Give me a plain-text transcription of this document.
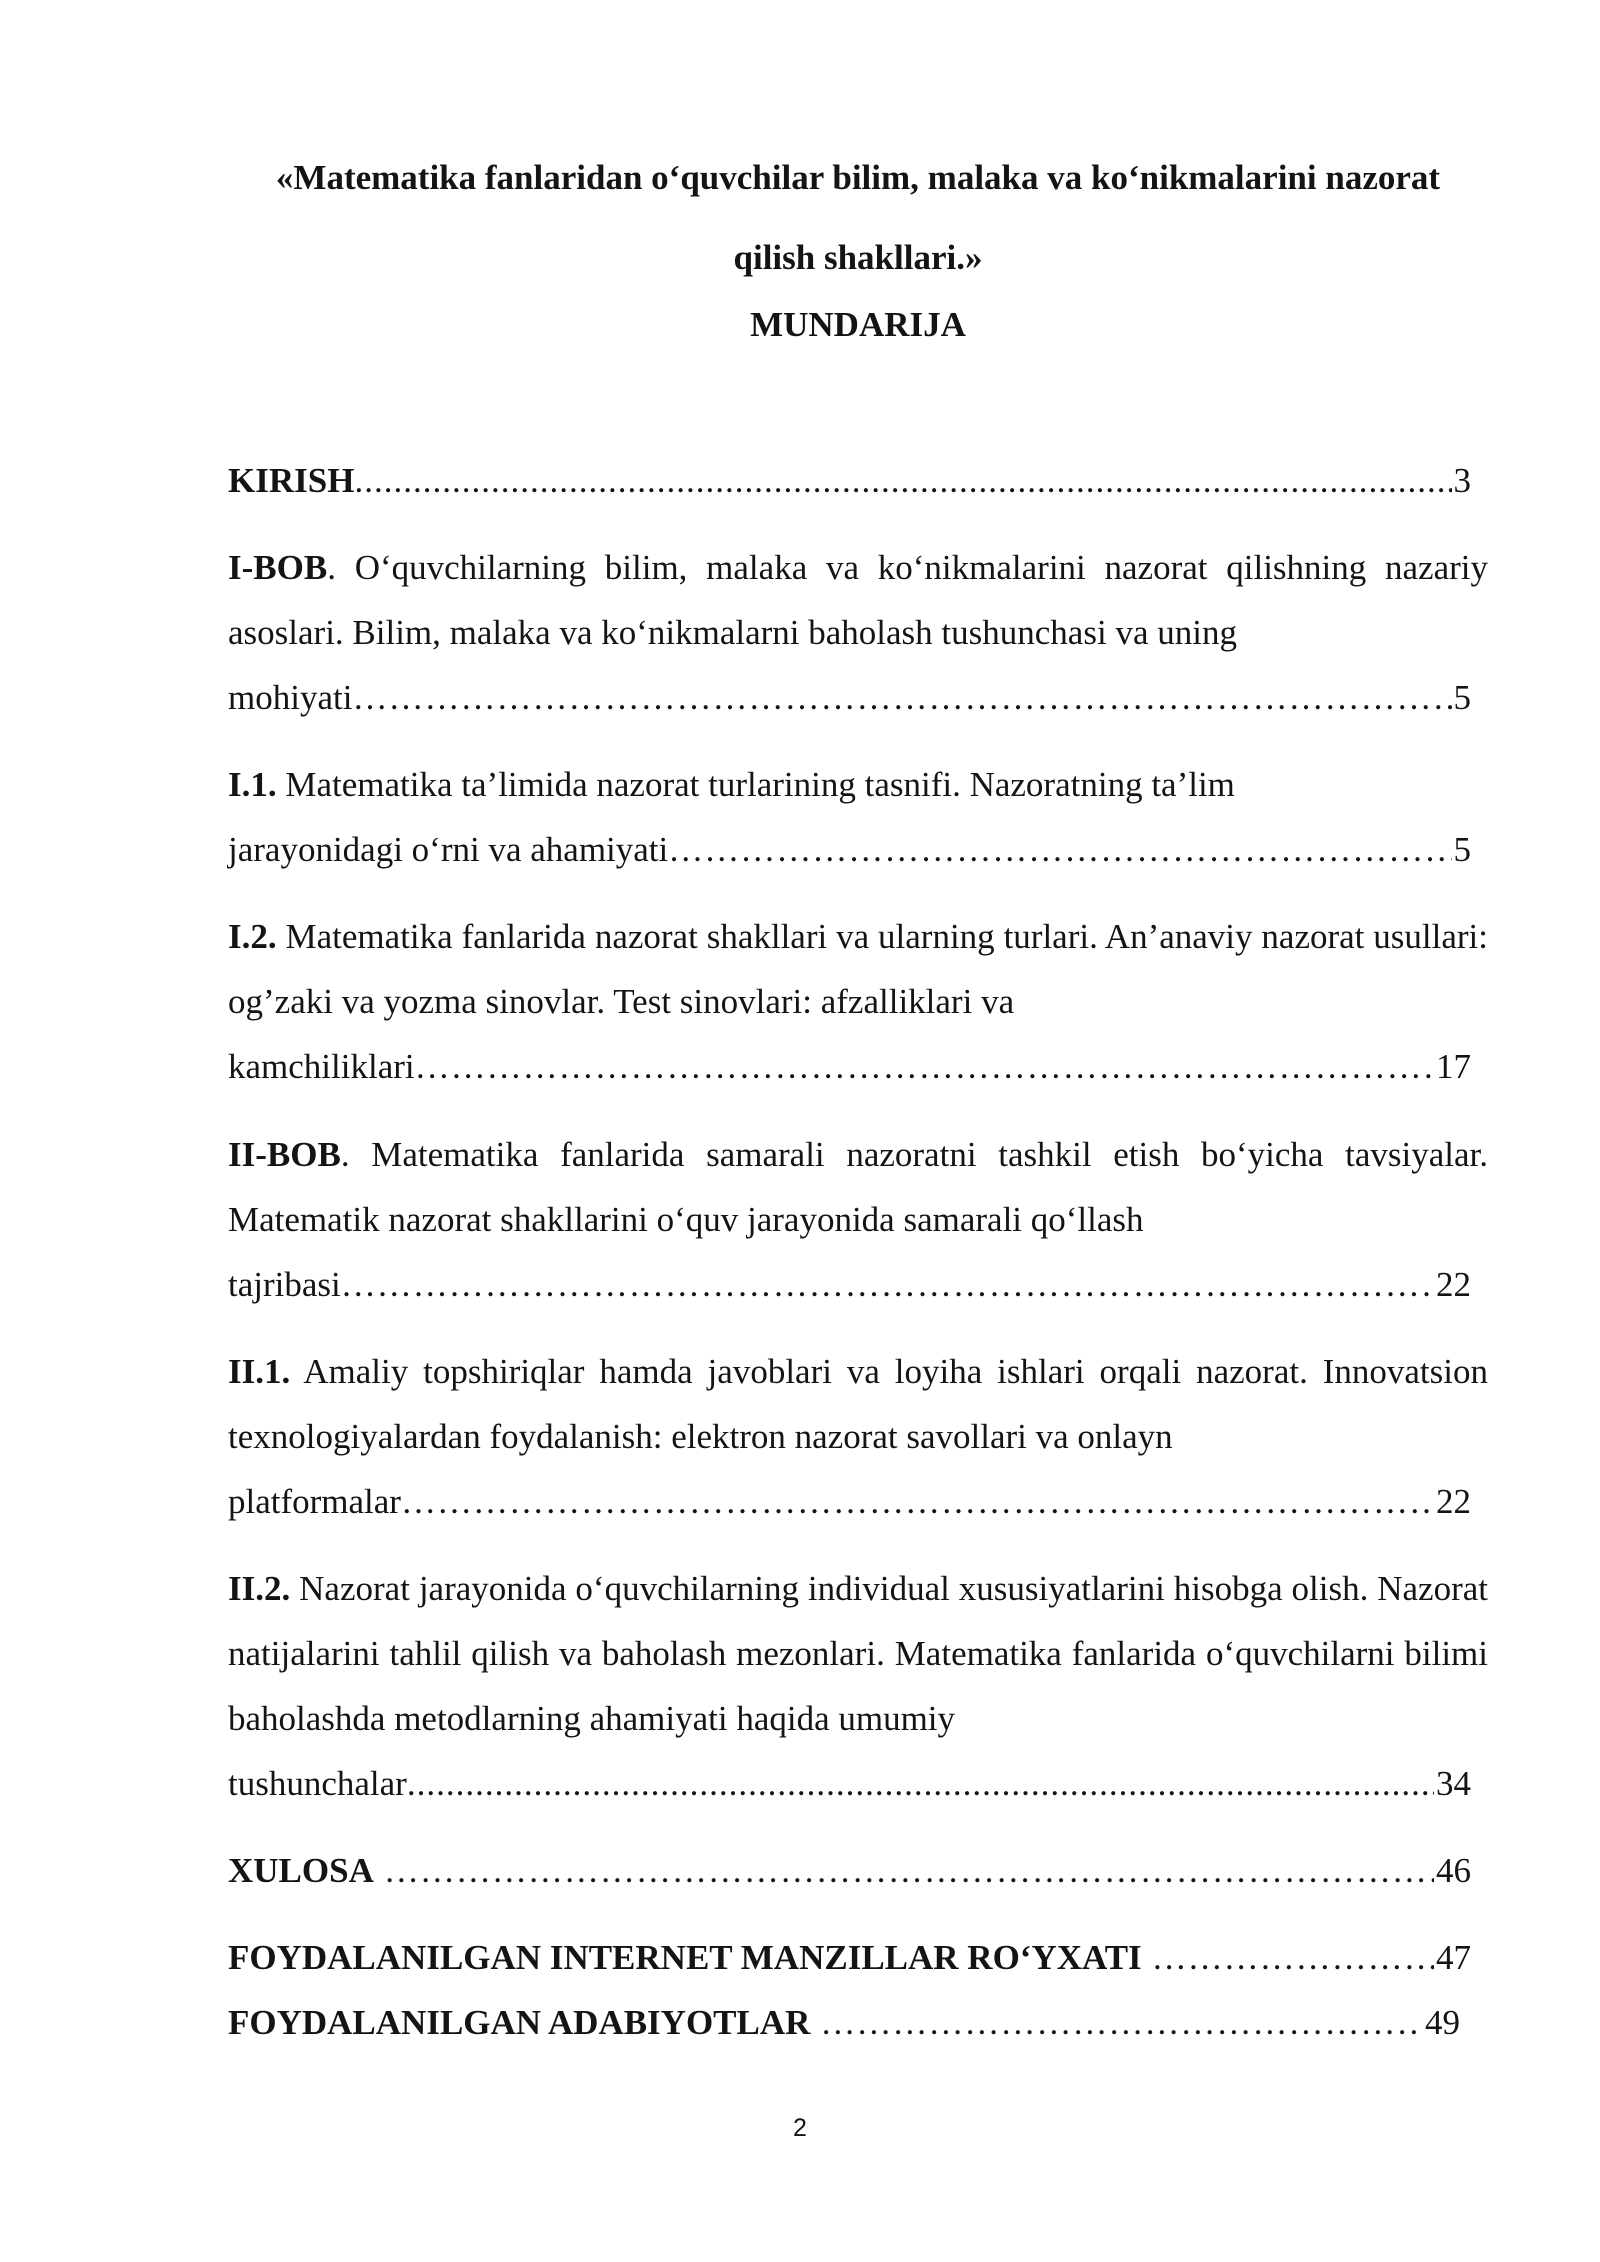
«Matematika fanlaridan o‘quvchilar bilim, malaka va ko‘nikmalarini nazorat
qilish shakllari.»
MUNDARIJA
KIRISH .....	3
I-BOB. O‘quvchilarning bilim, malaka va ko‘nikmalarini nazorat qilishning nazariy asoslari. Bilim, malaka va ko‘nikmalarni baholash tushunchasi va uning
mohiyati …………………………………………………………………………………………………………………………………………………………………………………………………………………	5
I.1. Matematika ta’limida nazorat turlarining tasnifi. Nazoratning ta’lim
jarayonidagi o‘rni va ahamiyati …………………………………………………………………………………………………………………………………………………………………………………………………………………	5
I.2. Matematika fanlarida nazorat shakllari va ularning turlari. An’anaviy nazorat usullari: og’zaki va yozma sinovlar. Test sinovlari: afzalliklari va
kamchiliklari …………………………………………………………………………………………………………………………………………………………………………………………………………………	17
II-BOB. Matematika fanlarida samarali nazoratni tashkil etish bo‘yicha tavsiyalar. Matematik nazorat shakllarini o‘quv jarayonida samarali qo‘llash
tajribasi …………………………………………………………………………………………………………………………………………………………………………………………………………………	22
II.1. Amaliy topshiriqlar hamda javoblari va loyiha ishlari orqali nazorat. Innovatsion texnologiyalardan foydalanish: elektron nazorat savollari va onlayn
platformalar …………………………………………………………………………………………………………………………………………………………………………………………………………………	22
II.2. Nazorat jarayonida o‘quvchilarning individual xususiyatlarini hisobga olish. Nazorat natijalarini tahlil qilish va baholash mezonlari. Matematika fanlarida o‘quvchilarni bilimi baholashda metodlarning ahamiyati haqida umumiy
tushunchalar .....	34
XULOSA …………………………………………………………………………………………………………………………………………………………………………………………………………………	46
FOYDALANILGAN INTERNET MANZILLAR RO‘YXATI …………………………………………………………………………………………………………………………………………………………………………………………………………………	47
FOYDALANILGAN ADABIYOTLAR …………………………………………………………………………………………………………………………………………………………………………………………………………………	49
2
